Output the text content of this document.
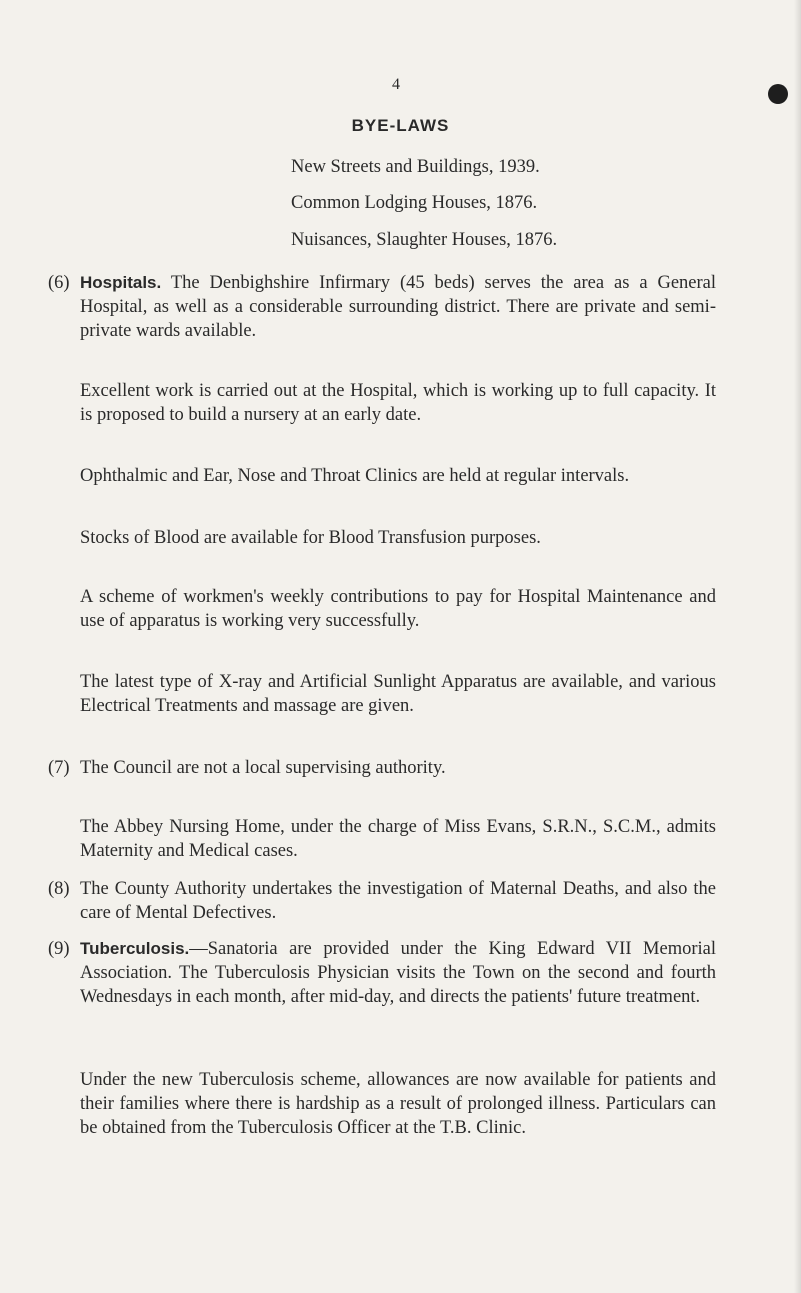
4
BYE-LAWS
New Streets and Buildings, 1939.
Common Lodging Houses, 1876.
Nuisances, Slaughter Houses, 1876.
(6) Hospitals. The Denbighshire Infirmary (45 beds) serves the area as a General Hospital, as well as a considerable surrounding district. There are private and semi-private wards available.
Excellent work is carried out at the Hospital, which is working up to full capacity. It is proposed to build a nursery at an early date.
Ophthalmic and Ear, Nose and Throat Clinics are held at regular intervals.
Stocks of Blood are available for Blood Transfusion purposes.
A scheme of workmen's weekly contributions to pay for Hospital Maintenance and use of apparatus is working very successfully.
The latest type of X-ray and Artificial Sunlight Apparatus are available, and various Electrical Treatments and massage are given.
(7) The Council are not a local supervising authority.
The Abbey Nursing Home, under the charge of Miss Evans, S.R.N., S.C.M., admits Maternity and Medical cases.
(8) The County Authority undertakes the investigation of Maternal Deaths, and also the care of Mental Defectives.
(9) Tuberculosis.—Sanatoria are provided under the King Edward VII Memorial Association. The Tuberculosis Physician visits the Town on the second and fourth Wednesdays in each month, after mid-day, and directs the patients' future treatment.
Under the new Tuberculosis scheme, allowances are now available for patients and their families where there is hardship as a result of prolonged illness. Particulars can be obtained from the Tuberculosis Officer at the T.B. Clinic.
